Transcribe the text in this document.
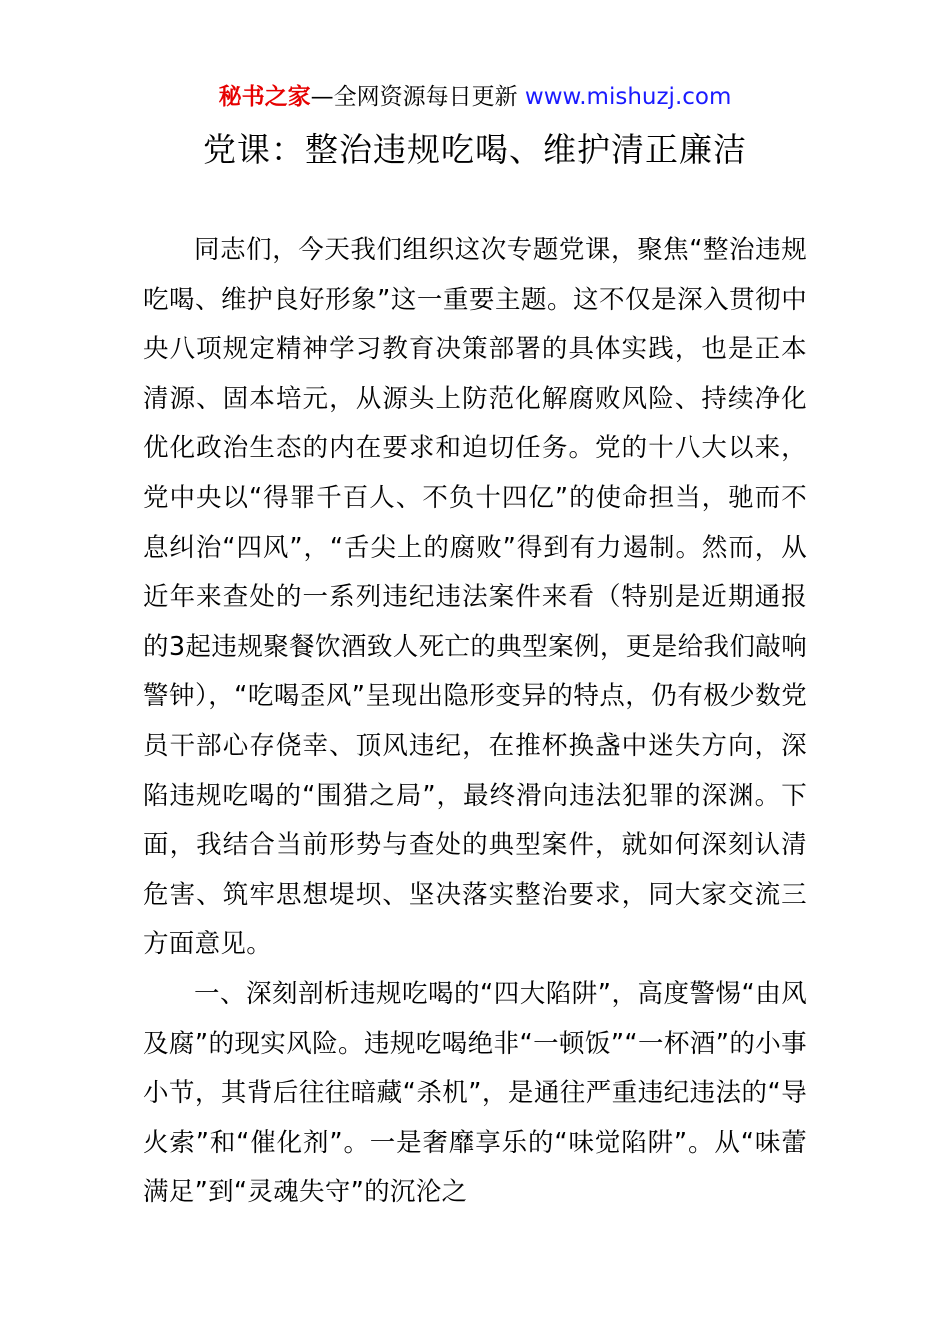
秘书之家—全网资源每日更新 www.mishuzj.com
党课：整治违规吃喝、维护清正廉洁

同志们，今天我们组织这次专题党课，聚焦“整治违规吃喝、维护良好形象”这一重要主题。这不仅是深入贯彻中央八项规定精神学习教育决策部署的具体实践，也是正本清源、固本培元，从源头上防范化解腐败风险、持续净化优化政治生态的内在要求和迫切任务。党的十八大以来，党中央以“得罪千百人、不负十四亿”的使命担当，驰而不息纠治“四风”，“舌尖上的腐败”得到有力遏制。然而，从近年来查处的一系列违纪违法案件来看（特别是近期通报的3起违规聚餐饮酒致人死亡的典型案例，更是给我们敲响警钟），“吃喝歪风”呈现出隐形变异的特点，仍有极少数党员干部心存侥幸、顶风违纪，在推杯换盏中迷失方向，深陷违规吃喝的“围猎之局”，最终滑向违法犯罪的深渊。下面，我结合当前形势与查处的典型案件，就如何深刻认清危害、筑牢思想堤坝、坚决落实整治要求，同大家交流三方面意见。

一、深刻剖析违规吃喝的“四大陷阱”，高度警惕“由风及腐”的现实风险。违规吃喝绝非“一顿饭”“一杯酒”的小事小节，其背后往往暗藏“杀机”，是通往严重违纪违法的“导火索”和“催化剂”。一是奢靡享乐的“味觉陷阱”。从“味蕾满足”到“灵魂失守”的沉沦之
